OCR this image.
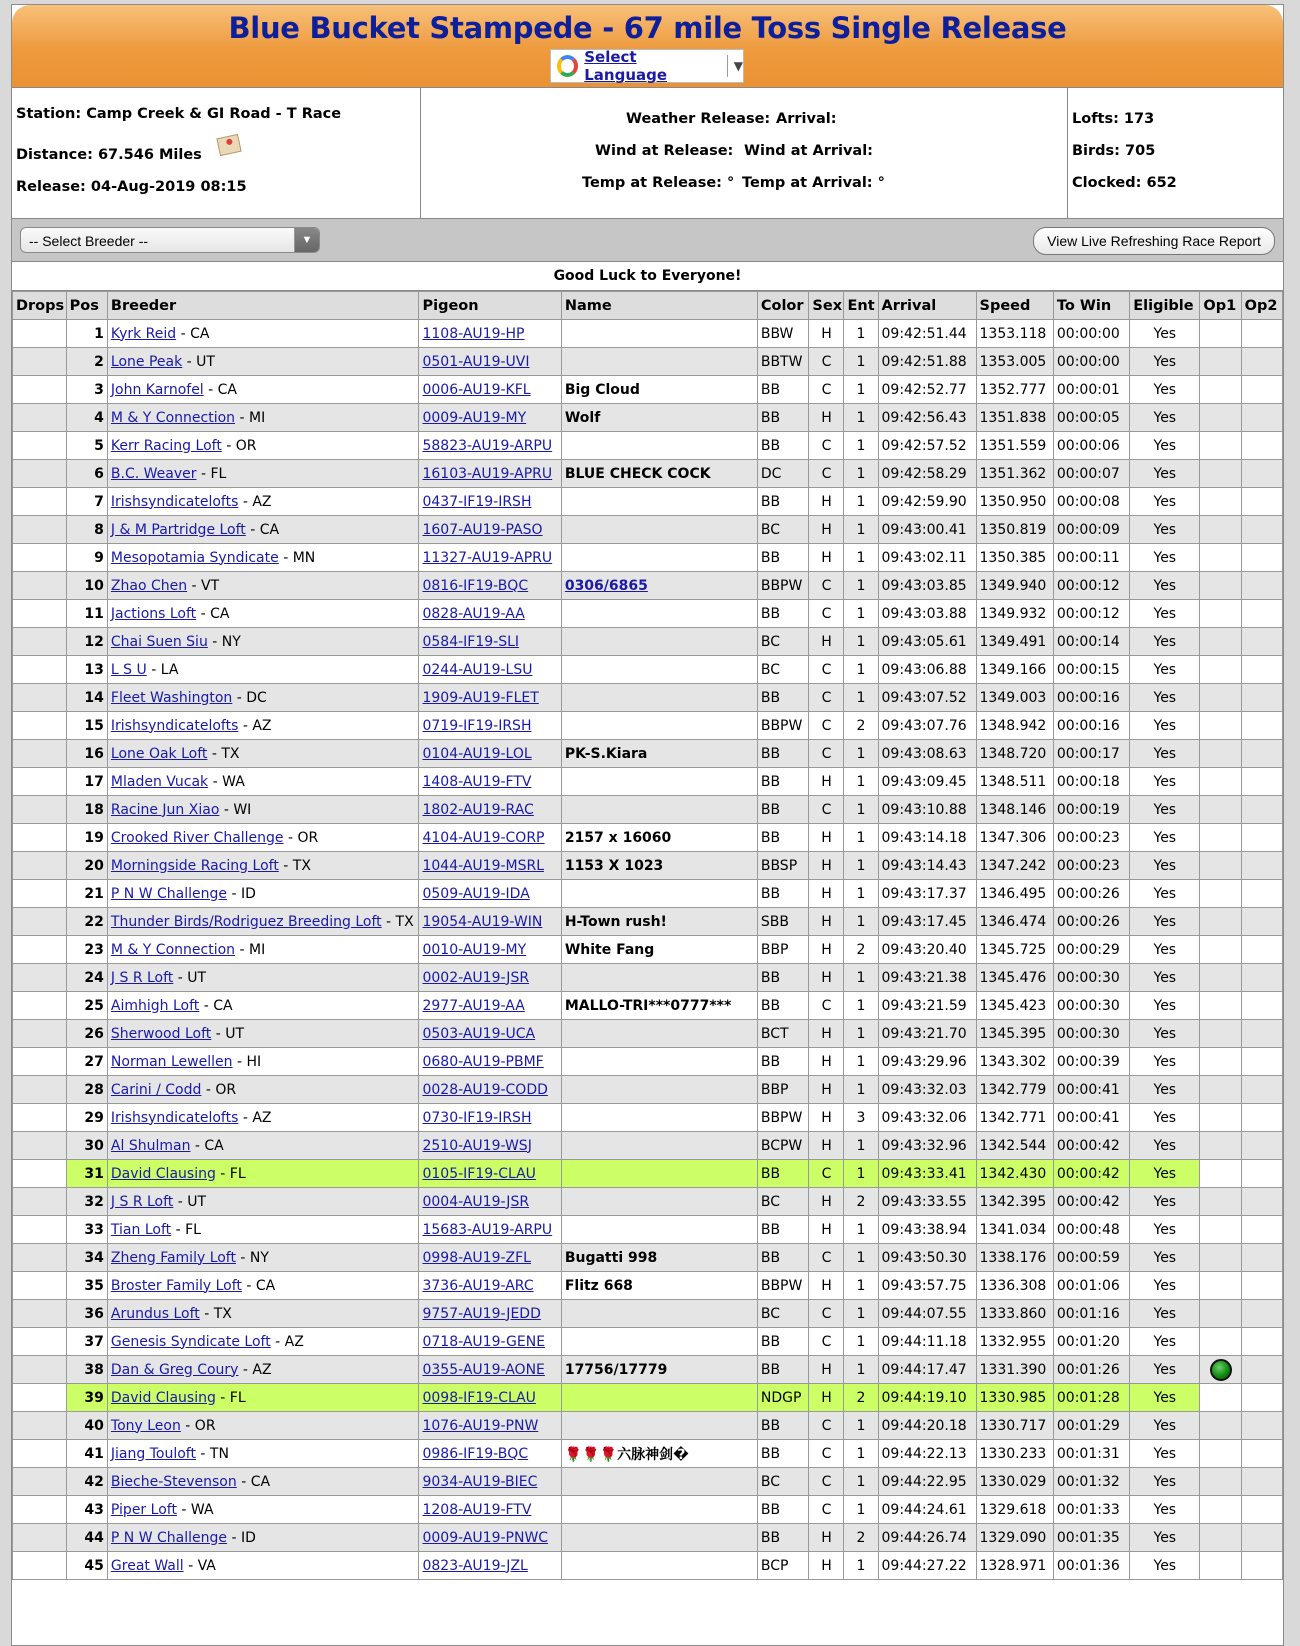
Blue Bucket Stampede - 67 mile Toss Single Release
Select Language	▼
Station: Camp Creek & GI Road - T Race
Distance: 67.546 Miles
Release: 04-Aug-2019 08:15
Weather Release: Arrival:
Wind at Release: Wind at Arrival:
Temp at Release: ° Temp at Arrival: °
Lofts: 173
Birds: 705
Clocked: 652
-- Select Breeder --	▼	View Live Refreshing Race Report
Good Luck to Everyone!
Drops	Pos	Breeder	Pigeon	Name	Color	Sex	Ent	Arrival	Speed	To Win	Eligible	Op1	Op2
	1	Kyrk Reid - CA	1108-AU19-HP		BBW	H	1	09:42:51.44	1353.118	00:00:00	Yes		
	2	Lone Peak - UT	0501-AU19-UVI		BBTW	C	1	09:42:51.88	1353.005	00:00:00	Yes		
	3	John Karnofel - CA	0006-AU19-KFL	Big Cloud	BB	C	1	09:42:52.77	1352.777	00:00:01	Yes		
	4	M & Y Connection - MI	0009-AU19-MY	Wolf	BB	H	1	09:42:56.43	1351.838	00:00:05	Yes		
	5	Kerr Racing Loft - OR	58823-AU19-ARPU		BB	C	1	09:42:57.52	1351.559	00:00:06	Yes		
	6	B.C. Weaver - FL	16103-AU19-APRU	BLUE CHECK COCK	DC	C	1	09:42:58.29	1351.362	00:00:07	Yes		
	7	Irishsyndicatelofts - AZ	0437-IF19-IRSH		BB	H	1	09:42:59.90	1350.950	00:00:08	Yes		
	8	J & M Partridge Loft - CA	1607-AU19-PASO		BC	H	1	09:43:00.41	1350.819	00:00:09	Yes		
	9	Mesopotamia Syndicate - MN	11327-AU19-APRU		BB	H	1	09:43:02.11	1350.385	00:00:11	Yes		
	10	Zhao Chen - VT	0816-IF19-BQC	0306/6865	BBPW	C	1	09:43:03.85	1349.940	00:00:12	Yes		
	11	Jactions Loft - CA	0828-AU19-AA		BB	C	1	09:43:03.88	1349.932	00:00:12	Yes		
	12	Chai Suen Siu - NY	0584-IF19-SLI		BC	H	1	09:43:05.61	1349.491	00:00:14	Yes		
	13	L S U - LA	0244-AU19-LSU		BC	C	1	09:43:06.88	1349.166	00:00:15	Yes		
	14	Fleet Washington - DC	1909-AU19-FLET		BB	C	1	09:43:07.52	1349.003	00:00:16	Yes		
	15	Irishsyndicatelofts - AZ	0719-IF19-IRSH		BBPW	C	2	09:43:07.76	1348.942	00:00:16	Yes		
	16	Lone Oak Loft - TX	0104-AU19-LOL	PK-S.Kiara	BB	C	1	09:43:08.63	1348.720	00:00:17	Yes		
	17	Mladen Vucak - WA	1408-AU19-FTV		BB	H	1	09:43:09.45	1348.511	00:00:18	Yes		
	18	Racine Jun Xiao - WI	1802-AU19-RAC		BB	C	1	09:43:10.88	1348.146	00:00:19	Yes		
	19	Crooked River Challenge - OR	4104-AU19-CORP	2157 x 16060	BB	H	1	09:43:14.18	1347.306	00:00:23	Yes		
	20	Morningside Racing Loft - TX	1044-AU19-MSRL	1153 X 1023	BBSP	H	1	09:43:14.43	1347.242	00:00:23	Yes		
	21	P N W Challenge - ID	0509-AU19-IDA		BB	H	1	09:43:17.37	1346.495	00:00:26	Yes		
	22	Thunder Birds/Rodriguez Breeding Loft - TX	19054-AU19-WIN	H-Town rush!	SBB	H	1	09:43:17.45	1346.474	00:00:26	Yes		
	23	M & Y Connection - MI	0010-AU19-MY	White Fang	BBP	H	2	09:43:20.40	1345.725	00:00:29	Yes		
	24	J S R Loft - UT	0002-AU19-JSR		BB	H	1	09:43:21.38	1345.476	00:00:30	Yes		
	25	Aimhigh Loft - CA	2977-AU19-AA	MALLO-TRI***0777***	BB	C	1	09:43:21.59	1345.423	00:00:30	Yes		
	26	Sherwood Loft - UT	0503-AU19-UCA		BCT	H	1	09:43:21.70	1345.395	00:00:30	Yes		
	27	Norman Lewellen - HI	0680-AU19-PBMF		BB	H	1	09:43:29.96	1343.302	00:00:39	Yes		
	28	Carini / Codd - OR	0028-AU19-CODD		BBP	H	1	09:43:32.03	1342.779	00:00:41	Yes		
	29	Irishsyndicatelofts - AZ	0730-IF19-IRSH		BBPW	H	3	09:43:32.06	1342.771	00:00:41	Yes		
	30	Al Shulman - CA	2510-AU19-WSJ		BCPW	H	1	09:43:32.96	1342.544	00:00:42	Yes		
	31	David Clausing - FL	0105-IF19-CLAU		BB	C	1	09:43:33.41	1342.430	00:00:42	Yes		
	32	J S R Loft - UT	0004-AU19-JSR		BC	H	2	09:43:33.55	1342.395	00:00:42	Yes		
	33	Tian Loft - FL	15683-AU19-ARPU		BB	H	1	09:43:38.94	1341.034	00:00:48	Yes		
	34	Zheng Family Loft - NY	0998-AU19-ZFL	Bugatti 998	BB	C	1	09:43:50.30	1338.176	00:00:59	Yes		
	35	Broster Family Loft - CA	3736-AU19-ARC	Flitz 668	BBPW	H	1	09:43:57.75	1336.308	00:01:06	Yes		
	36	Arundus Loft - TX	9757-AU19-JEDD		BC	C	1	09:44:07.55	1333.860	00:01:16	Yes		
	37	Genesis Syndicate Loft - AZ	0718-AU19-GENE		BB	C	1	09:44:11.18	1332.955	00:01:20	Yes		
	38	Dan & Greg Coury - AZ	0355-AU19-AONE	17756/17779	BB	H	1	09:44:17.47	1331.390	00:01:26	Yes		
	39	David Clausing - FL	0098-IF19-CLAU		NDGP	H	2	09:44:19.10	1330.985	00:01:28	Yes		
	40	Tony Leon - OR	1076-AU19-PNW		BB	C	1	09:44:20.18	1330.717	00:01:29	Yes		
	41	Jiang Touloft - TN	0986-IF19-BQC	🌹🌹🌹六脉神剑�	BB	C	1	09:44:22.13	1330.233	00:01:31	Yes		
	42	Bieche-Stevenson - CA	9034-AU19-BIEC		BC	C	1	09:44:22.95	1330.029	00:01:32	Yes		
	43	Piper Loft - WA	1208-AU19-FTV		BB	C	1	09:44:24.61	1329.618	00:01:33	Yes		
	44	P N W Challenge - ID	0009-AU19-PNWC		BB	H	2	09:44:26.74	1329.090	00:01:35	Yes		
	45	Great Wall - VA	0823-AU19-JZL		BCP	H	1	09:44:27.22	1328.971	00:01:36	Yes		
